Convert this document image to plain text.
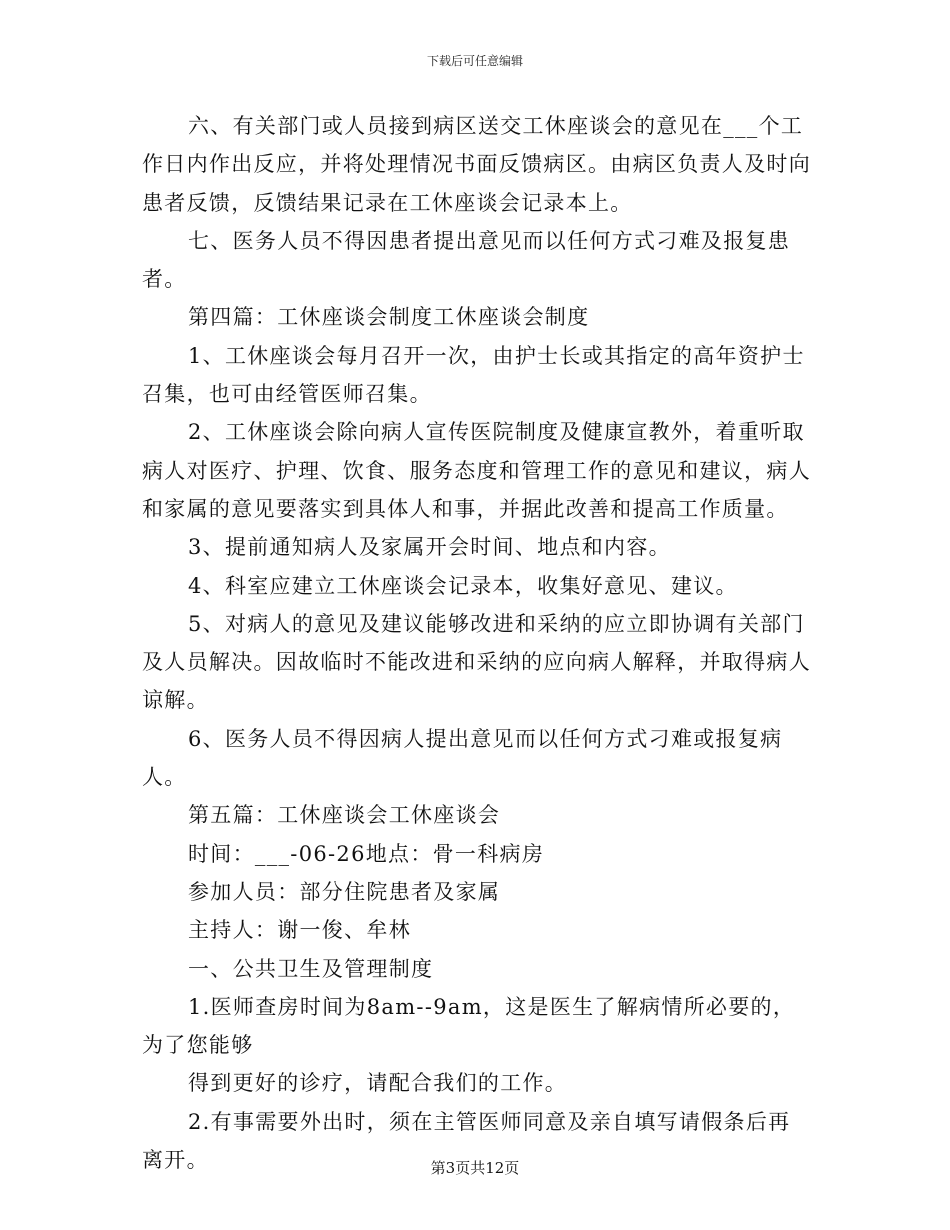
下载后可任意编辑

六、有关部门或人员接到病区送交工休座谈会的意见在___个工作日内作出反应，并将处理情况书面反馈病区。由病区负责人及时向患者反馈，反馈结果记录在工休座谈会记录本上。

七、医务人员不得因患者提出意见而以任何方式刁难及报复患者。

第四篇：工休座谈会制度工休座谈会制度

1、工休座谈会每月召开一次，由护士长或其指定的高年资护士召集，也可由经管医师召集。

2、工休座谈会除向病人宣传医院制度及健康宣教外，着重听取病人对医疗、护理、饮食、服务态度和管理工作的意见和建议，病人和家属的意见要落实到具体人和事，并据此改善和提高工作质量。

3、提前通知病人及家属开会时间、地点和内容。

4、科室应建立工休座谈会记录本，收集好意见、建议。

5、对病人的意见及建议能够改进和采纳的应立即协调有关部门及人员解决。因故临时不能改进和采纳的应向病人解释，并取得病人谅解。

6、医务人员不得因病人提出意见而以任何方式刁难或报复病人。

第五篇：工休座谈会工休座谈会

时间：___-06-26地点：骨一科病房

参加人员：部分住院患者及家属

主持人：谢一俊、牟林

一、公共卫生及管理制度

1.医师查房时间为8am--9am，这是医生了解病情所必要的，为了您能够

得到更好的诊疗，请配合我们的工作。

2.有事需要外出时，须在主管医师同意及亲自填写请假条后再离开。	第3页共12页
